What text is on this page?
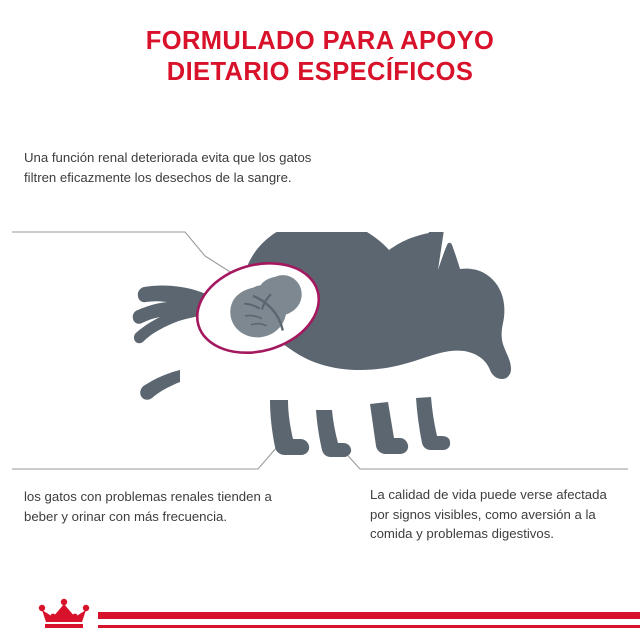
FORMULADO PARA APOYO
DIETARIO ESPECÍFICOS
Una función renal deteriorada evita que los gatos filtren eficazmente los desechos de la sangre.
los gatos con problemas renales tienden a beber y orinar con más frecuencia.
La calidad de vida puede verse afectada por signos visibles, como aversión a la comida y problemas digestivos.
